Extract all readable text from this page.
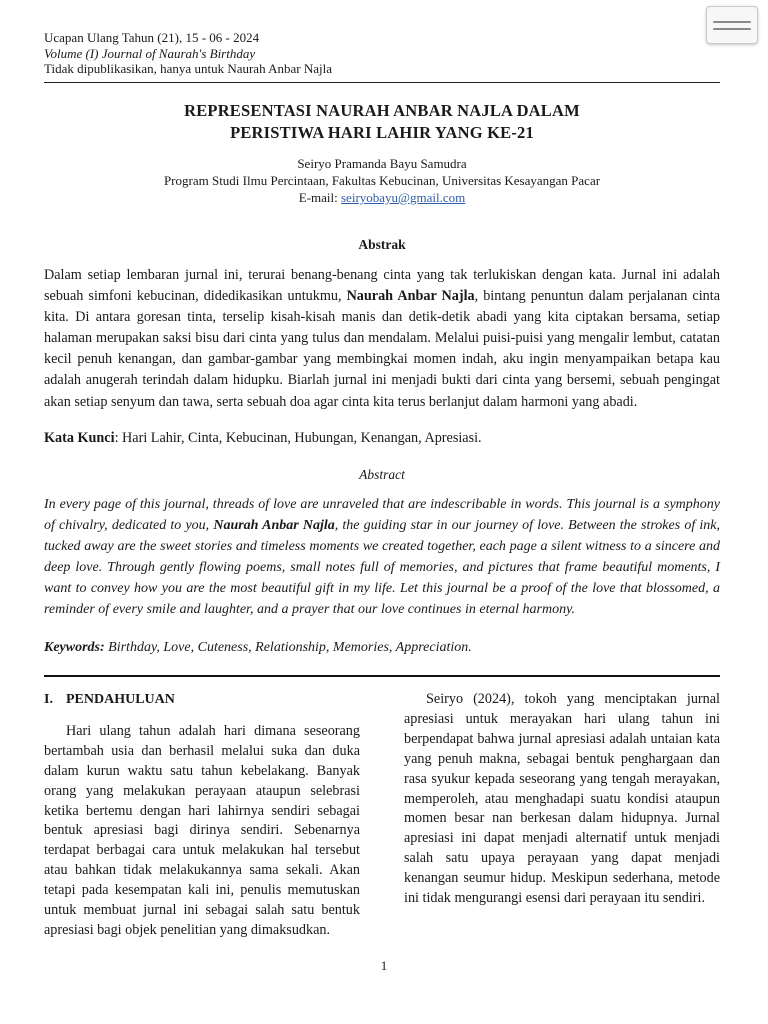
Ucapan Ulang Tahun (21), 15 - 06 - 2024
Volume (I) Journal of Naurah's Birthday
Tidak dipublikasikan, hanya untuk Naurah Anbar Najla
REPRESENTASI NAURAH ANBAR NAJLA DALAM
PERISTIWA HARI LAHIR YANG KE-21
Seiryo Pramanda Bayu Samudra
Program Studi Ilmu Percintaan, Fakultas Kebucinan, Universitas Kesayangan Pacar
E-mail: seiryobayu@gmail.com
Abstrak
Dalam setiap lembaran jurnal ini, terurai benang-benang cinta yang tak terlukiskan dengan kata. Jurnal ini adalah sebuah simfoni kebucinan, didedikasikan untukmu, Naurah Anbar Najla, bintang penuntun dalam perjalanan cinta kita. Di antara goresan tinta, terselip kisah-kisah manis dan detik-detik abadi yang kita ciptakan bersama, setiap halaman merupakan saksi bisu dari cinta yang tulus dan mendalam. Melalui puisi-puisi yang mengalir lembut, catatan kecil penuh kenangan, dan gambar-gambar yang membingkai momen indah, aku ingin menyampaikan betapa kau adalah anugerah terindah dalam hidupku. Biarlah jurnal ini menjadi bukti dari cinta yang bersemi, sebuah pengingat akan setiap senyum dan tawa, serta sebuah doa agar cinta kita terus berlanjut dalam harmoni yang abadi.
Kata Kunci: Hari Lahir, Cinta, Kebucinan, Hubungan, Kenangan, Apresiasi.
Abstract
In every page of this journal, threads of love are unraveled that are indescribable in words. This journal is a symphony of chivalry, dedicated to you, Naurah Anbar Najla, the guiding star in our journey of love. Between the strokes of ink, tucked away are the sweet stories and timeless moments we created together, each page a silent witness to a sincere and deep love. Through gently flowing poems, small notes full of memories, and pictures that frame beautiful moments, I want to convey how you are the most beautiful gift in my life. Let this journal be a proof of the love that blossomed, a reminder of every smile and laughter, and a prayer that our love continues in eternal harmony.
Keywords: Birthday, Love, Cuteness, Relationship, Memories, Appreciation.
I. PENDAHULUAN

Hari ulang tahun adalah hari dimana seseorang bertambah usia dan berhasil melalui suka dan duka dalam kurun waktu satu tahun kebelakang. Banyak orang yang melakukan perayaan ataupun selebrasi ketika bertemu dengan hari lahirnya sendiri sebagai bentuk apresiasi bagi dirinya sendiri. Sebenarnya terdapat berbagai cara untuk melakukan hal tersebut atau bahkan tidak melakukannya sama sekali. Akan tetapi pada kesempatan kali ini, penulis memutuskan untuk membuat jurnal ini sebagai salah satu bentuk apresiasi bagi objek penelitian yang dimaksudkan.

Seiryo (2024), tokoh yang menciptakan jurnal apresiasi untuk merayakan hari ulang tahun ini berpendapat bahwa jurnal apresiasi adalah untaian kata yang penuh makna, sebagai bentuk penghargaan dan rasa syukur kepada seseorang yang tengah merayakan, memperoleh, atau menghadapi suatu kondisi ataupun momen besar nan berkesan dalam hidupnya. Jurnal apresiasi ini dapat menjadi alternatif untuk menjadi salah satu upaya perayaan yang dapat menjadi kenangan seumur hidup. Meskipun sederhana, metode ini tidak mengurangi esensi dari perayaan itu sendiri.

1
